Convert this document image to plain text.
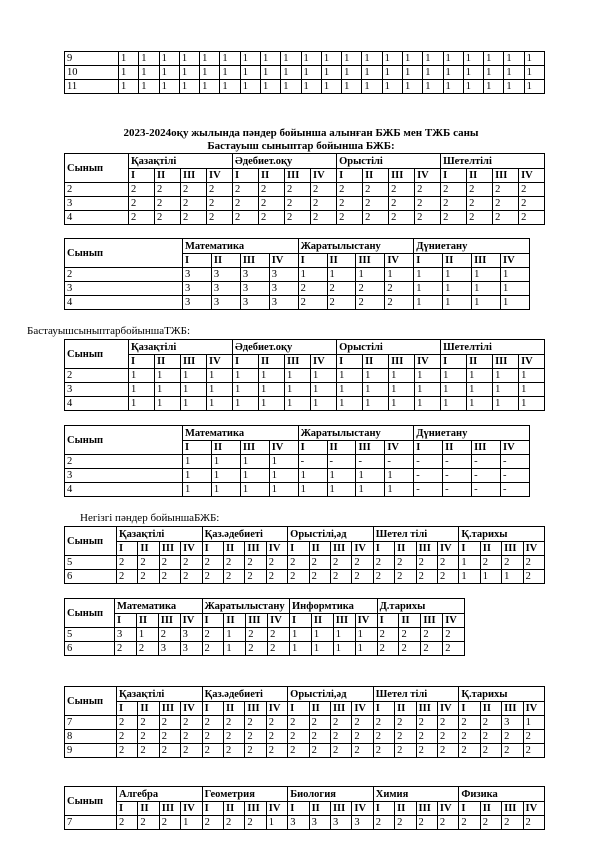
9	1	1	1	1	1	1	1	1	1	1	1	1	1	1	1	1	1	1	1	1	1
10	1	1	1	1	1	1	1	1	1	1	1	1	1	1	1	1	1	1	1	1	1
11	1	1	1	1	1	1	1	1	1	1	1	1	1	1	1	1	1	1	1	1	1
2023-2024оқу жылында пәндер бойынша алынған БЖБ мен ТЖБ саны
Бастауыш сыныптар бойынша БЖБ:
Сынып	Қазақтілі				Әдебиет.оқу				Орыстілі				Шетелтілі			
	I	II	III	IV	I	II	III	IV	I	II	III	IV	I	II	III	IV
2	2	2	2	2	2	2	2	2	2	2	2	2	2	2	2	2
3	2	2	2	2	2	2	2	2	2	2	2	2	2	2	2	2
4	2	2	2	2	2	2	2	2	2	2	2	2	2	2	2	2
Сынып	Математика				Жаратылыстану				Дүниетану			
	I	II	III	IV	I	II	III	IV	I	II	III	IV
2	3	3	3	3	1	1	1	1	1	1	1	1
3	3	3	3	3	2	2	2	2	1	1	1	1
4	3	3	3	3	2	2	2	2	1	1	1	1
БастауышсыныптарбойыншаТЖБ:
Сынып	Қазақтілі				Әдебиет.оқу				Орыстілі				Шетелтілі			
	I	II	III	IV	I	II	III	IV	I	II	III	IV	I	II	III	IV
2	1	1	1	1	1	1	1	1	1	1	1	1	1	1	1	1
3	1	1	1	1	1	1	1	1	1	1	1	1	1	1	1	1
4	1	1	1	1	1	1	1	1	1	1	1	1	1	1	1	1
Сынып	Математика				Жаратылыстану				Дүниетану			
	I	II	III	IV	I	II	III	IV	I	II	III	IV
2	1	1	1	1	-	-	-	-	-	-	-	-
3	1	1	1	1	1	1	1	1	-	-	-	-
4	1	1	1	1	1	1	1	1	-	-	-	-
Негізгі пәндер бойыншаБЖБ:
Сынып	Қазақтілі				Қаз.әдебиеті				Орыстілі,әд				Шетел тілі				Қ.тарихы			
	I	II	III	IV	I	II	III	IV	I	II	III	IV	I	II	III	IV	I	II	III	IV
5	2	2	2	2	2	2	2	2	2	2	2	2	2	2	2	2	1	2	2	2
6	2	2	2	2	2	2	2	2	2	2	2	2	2	2	2	2	1	1	1	2
Сынып	Математика				Жаратылыстану				Информтика				Д.тарихы			
	I	II	III	IV	I	II	III	IV	I	II	III	IV	I	II	III	IV
5	3	1	2	3	2	1	2	2	1	1	1	1	2	2	2	2
6	2	2	3	3	2	1	2	2	1	1	1	1	2	2	2	2
Сынып	Қазақтілі				Қаз.әдебиеті				Орыстілі,әд				Шетел тілі				Қ.тарихы			
	I	II	III	IV	I	II	III	IV	I	II	III	IV	I	II	III	IV	I	II	III	IV
7	2	2	2	2	2	2	2	2	2	2	2	2	2	2	2	2	2	2	3	1
8	2	2	2	2	2	2	2	2	2	2	2	2	2	2	2	2	2	2	2	2
9	2	2	2	2	2	2	2	2	2	2	2	2	2	2	2	2	2	2	2	2
Сынып	Алгебра				Геометрия				Биология				Химия				Физика			
	I	II	III	IV	I	II	III	IV	I	II	III	IV	I	II	III	IV	I	II	III	IV
7	2	2	2	1	2	2	2	1	3	3	3	3	2	2	2	2	2	2	2	2
